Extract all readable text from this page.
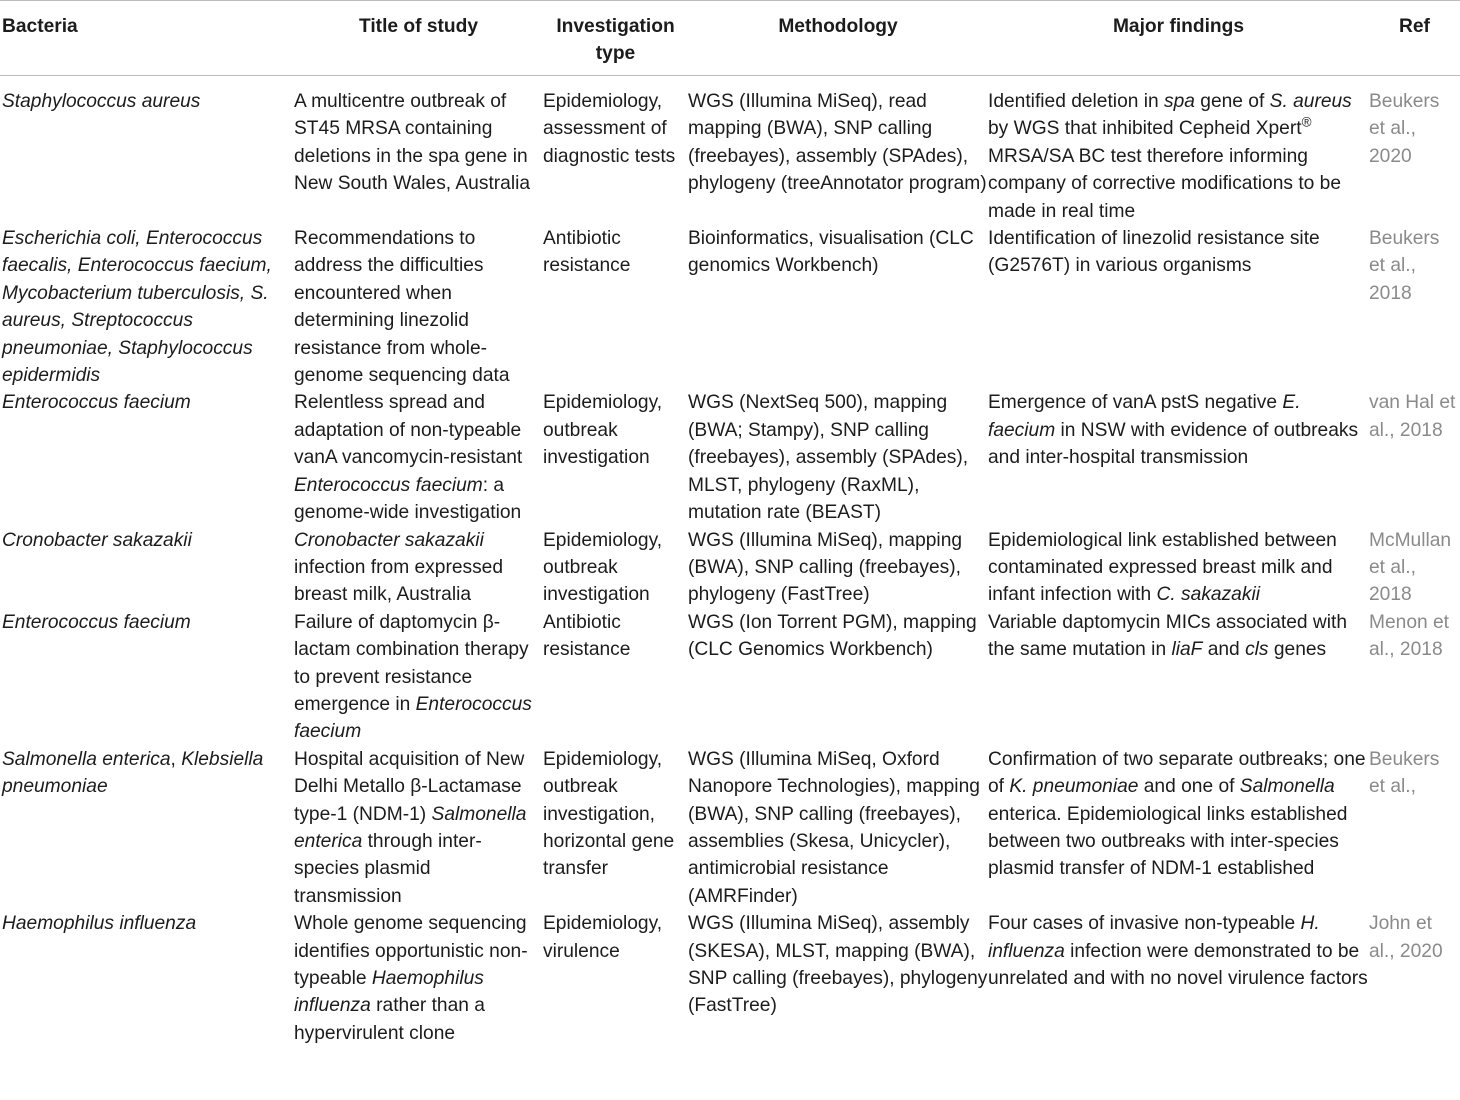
Bacteria	Title of study	Investigation type	Methodology	Major findings	Ref
Staphylococcus aureus	A multicentre outbreak of ST45 MRSA containing deletions in the spa gene in New South Wales, Australia	Epidemiology, assessment of diagnostic tests	WGS (Illumina MiSeq), read mapping (BWA), SNP calling (freebayes), assembly (SPAdes), phylogeny (treeAnnotator program)	Identified deletion in spa gene of S. aureus by WGS that inhibited Cepheid Xpert® MRSA/SA BC test therefore informing company of corrective modifications to be made in real time	Beukers et al., 2020
Escherichia coli, Enterococcus faecalis, Enterococcus faecium, Mycobacterium tuberculosis, S. aureus, Streptococcus pneumoniae, Staphylococcus epidermidis	Recommendations to address the difficulties encountered when determining linezolid resistance from whole-genome sequencing data	Antibiotic resistance	Bioinformatics, visualisation (CLC genomics Workbench)	Identification of linezolid resistance site (G2576T) in various organisms	Beukers et al., 2018
Enterococcus faecium	Relentless spread and adaptation of non-typeable vanA vancomycin-resistant Enterococcus faecium: a genome-wide investigation	Epidemiology, outbreak investigation	WGS (NextSeq 500), mapping (BWA; Stampy), SNP calling (freebayes), assembly (SPAdes), MLST, phylogeny (RaxML), mutation rate (BEAST)	Emergence of vanA pstS negative E. faecium in NSW with evidence of outbreaks and inter-hospital transmission	van Hal et al., 2018
Cronobacter sakazakii	Cronobacter sakazakii infection from expressed breast milk, Australia	Epidemiology, outbreak investigation	WGS (Illumina MiSeq), mapping (BWA), SNP calling (freebayes), phylogeny (FastTree)	Epidemiological link established between contaminated expressed breast milk and infant infection with C. sakazakii	McMullan et al., 2018
Enterococcus faecium	Failure of daptomycin β-lactam combination therapy to prevent resistance emergence in Enterococcus faecium	Antibiotic resistance	WGS (Ion Torrent PGM), mapping (CLC Genomics Workbench)	Variable daptomycin MICs associated with the same mutation in liaF and cls genes	Menon et al., 2018
Salmonella enterica, Klebsiella pneumoniae	Hospital acquisition of New Delhi Metallo β-Lactamase type-1 (NDM-1) Salmonella enterica through inter-species plasmid transmission	Epidemiology, outbreak investigation, horizontal gene transfer	WGS (Illumina MiSeq, Oxford Nanopore Technologies), mapping (BWA), SNP calling (freebayes), assemblies (Skesa, Unicycler), antimicrobial resistance (AMRFinder)	Confirmation of two separate outbreaks; one of K. pneumoniae and one of Salmonella enterica. Epidemiological links established between two outbreaks with inter-species plasmid transfer of NDM-1 established	Beukers et al.,
Haemophilus influenza	Whole genome sequencing identifies opportunistic non-typeable Haemophilus influenza rather than a hypervirulent clone	Epidemiology, virulence	WGS (Illumina MiSeq), assembly (SKESA), MLST, mapping (BWA), SNP calling (freebayes), phylogeny (FastTree)	Four cases of invasive non-typeable H. influenza infection were demonstrated to be unrelated and with no novel virulence factors	John et al., 2020
